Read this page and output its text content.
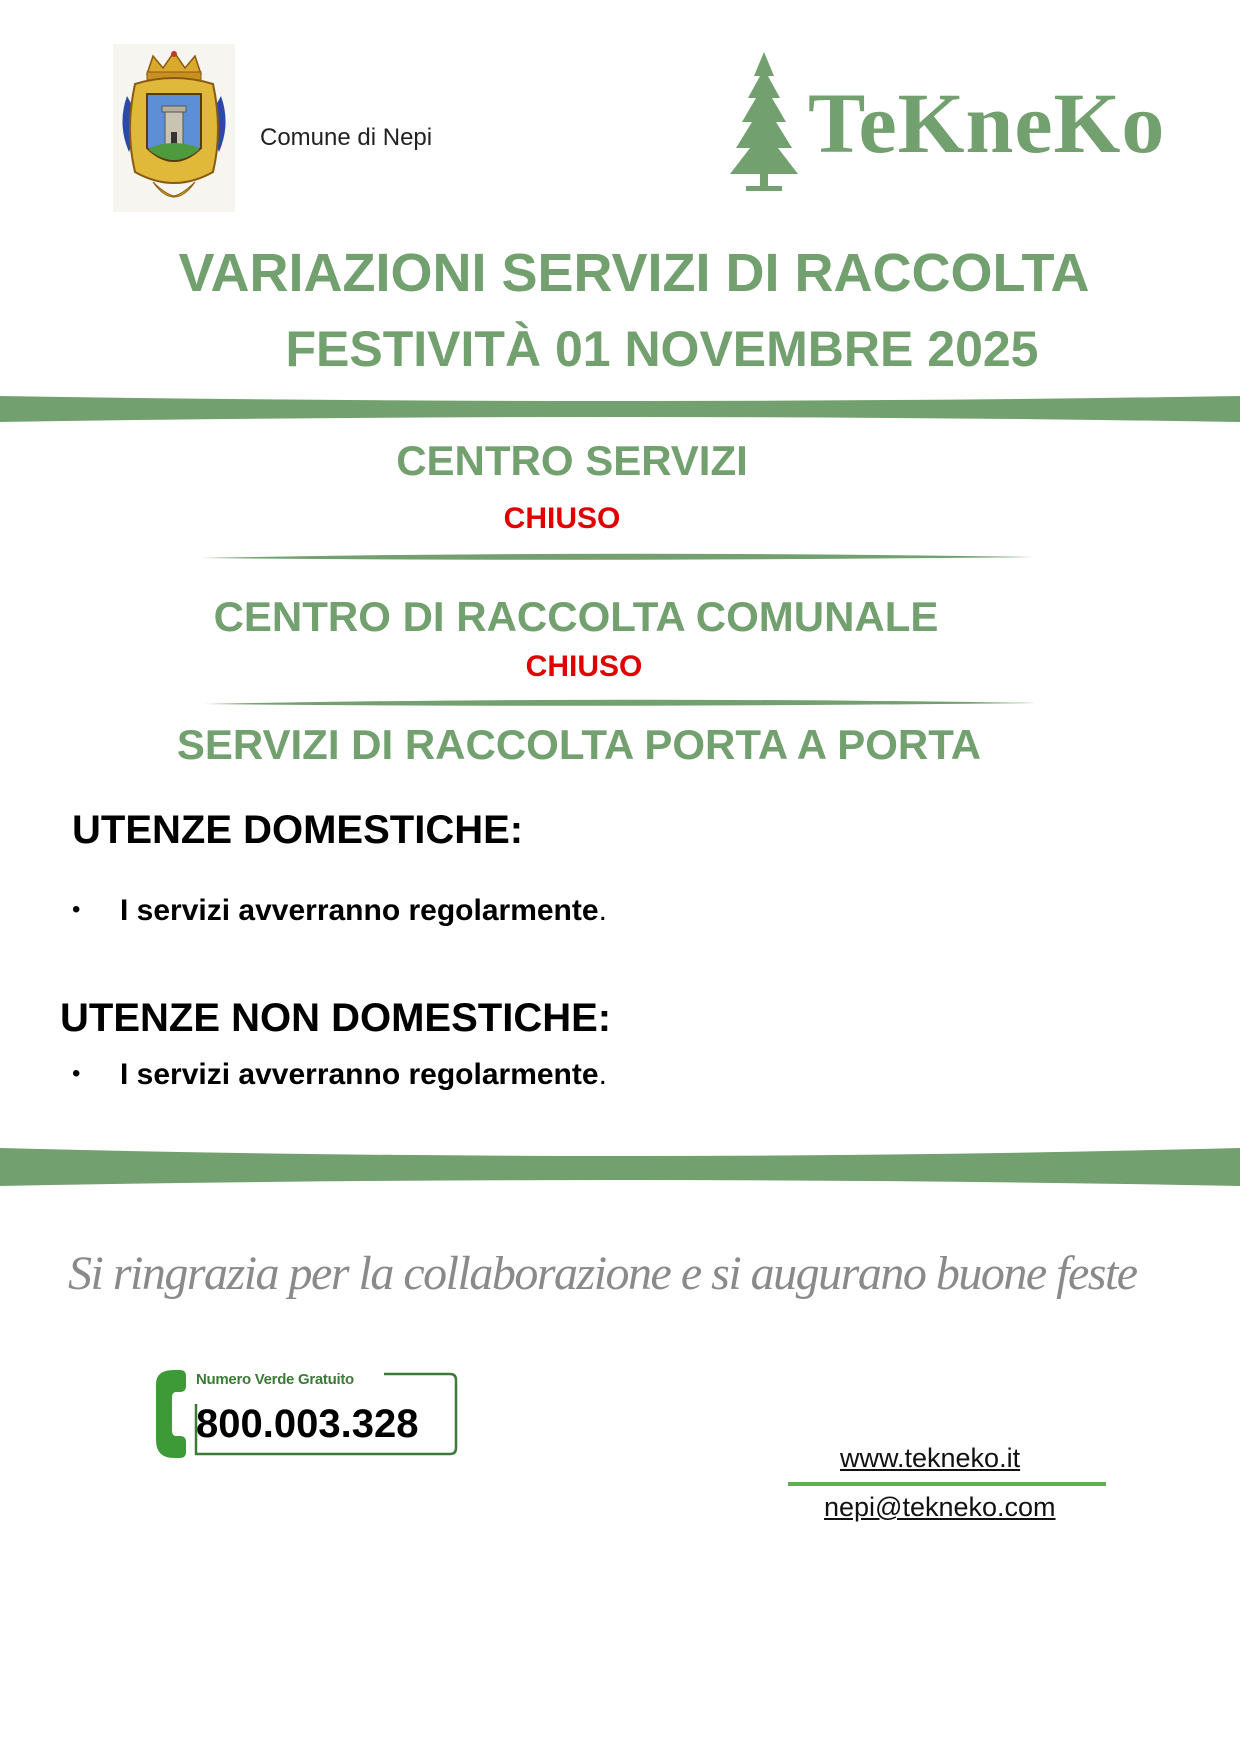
Comune di Nepi	TeKneKo
VARIAZIONI SERVIZI DI RACCOLTA
FESTIVITÀ 01 NOVEMBRE 2025
CENTRO SERVIZI
CHIUSO
CENTRO DI RACCOLTA COMUNALE
CHIUSO
SERVIZI DI RACCOLTA PORTA A PORTA
UTENZE DOMESTICHE:
• I servizi avverranno regolarmente.
UTENZE NON DOMESTICHE:
• I servizi avverranno regolarmente.
Si ringrazia per la collaborazione e si augurano buone feste
Numero Verde Gratuito
800.003.328
www.tekneko.it
nepi@tekneko.com
